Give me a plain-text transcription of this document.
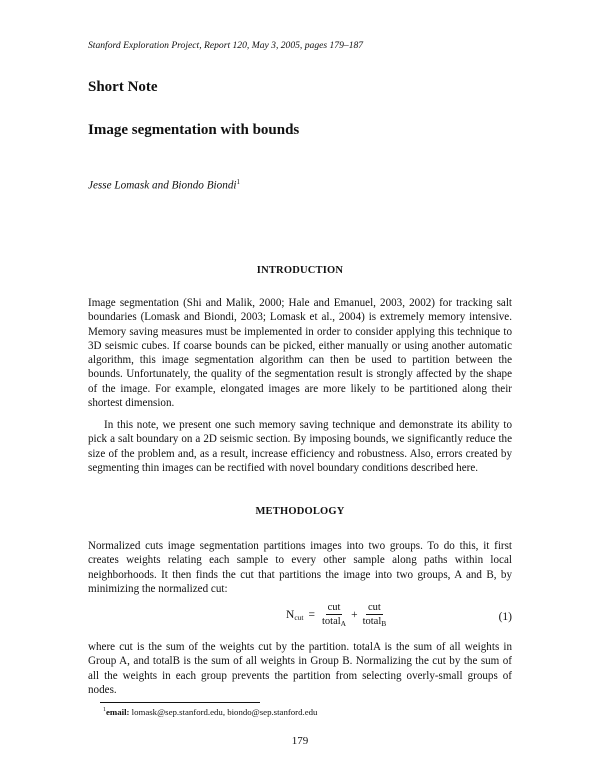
Stanford Exploration Project, Report 120, May 3, 2005, pages 179–187
Short Note
Image segmentation with bounds
Jesse Lomask and Biondo Biondi$^1$
INTRODUCTION
Image segmentation (Shi and Malik, 2000; Hale and Emanuel, 2003, 2002) for tracking salt boundaries (Lomask and Biondi, 2003; Lomask et al., 2004) is extremely memory intensive. Memory saving measures must be implemented in order to consider applying this technique to 3D seismic cubes. If coarse bounds can be picked, either manually or using another automatic algorithm, this image segmentation algorithm can then be used to partition between the bounds. Unfortunately, the quality of the segmentation result is strongly affected by the shape of the image. For example, elongated images are more likely to be partitioned along their shortest dimension.
In this note, we present one such memory saving technique and demonstrate its ability to pick a salt boundary on a 2D seismic section. By imposing bounds, we significantly reduce the size of the problem and, as a result, increase efficiency and robustness. Also, errors created by segmenting thin images can be rectified with novel boundary conditions described here.
METHODOLOGY
Normalized cuts image segmentation partitions images into two groups. To do this, it first creates weights relating each sample to every other sample along paths within local neighborhoods. It then finds the cut that partitions the image into two groups, A and B, by minimizing the normalized cut:
$N_{cut} = \frac{\text{cut}}{total_A} + \frac{\text{cut}}{total_B}$	(1)
where cut is the sum of the weights cut by the partition. totalA is the sum of all weights in Group A, and totalB is the sum of all weights in Group B. Normalizing the cut by the sum of all the weights in each group prevents the partition from selecting overly-small groups of nodes.
$^1$email: lomask@sep.stanford.edu, biondo@sep.stanford.edu
179
